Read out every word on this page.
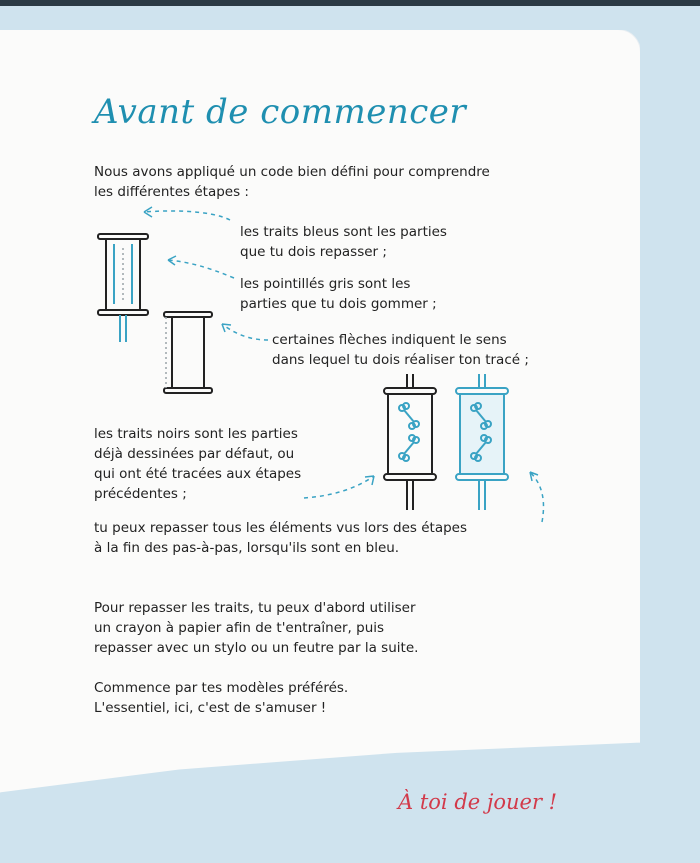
Avant de commencer

Nous avons appliqué un code bien défini pour comprendre

les différentes étapes :

les traits bleus sont les parties

que tu dois repasser ;

les pointillés gris sont les

parties que tu dois gommer ;

certaines flèches indiquent le sens

dans lequel tu dois réaliser ton tracé ;

les traits noirs sont les parties

déjà dessinées par défaut, ou

qui ont été tracées aux étapes

précédentes ;

tu peux repasser tous les éléments vus lors des étapes

à la fin des pas-à-pas, lorsqu'ils sont en bleu.

Pour repasser les traits, tu peux d'abord utiliser

un crayon à papier afin de t'entraîner, puis

repasser avec un stylo ou un feutre par la suite.

Commence par tes modèles préférés.

L'essentiel, ici, c'est de s'amuser !

À toi de jouer !
